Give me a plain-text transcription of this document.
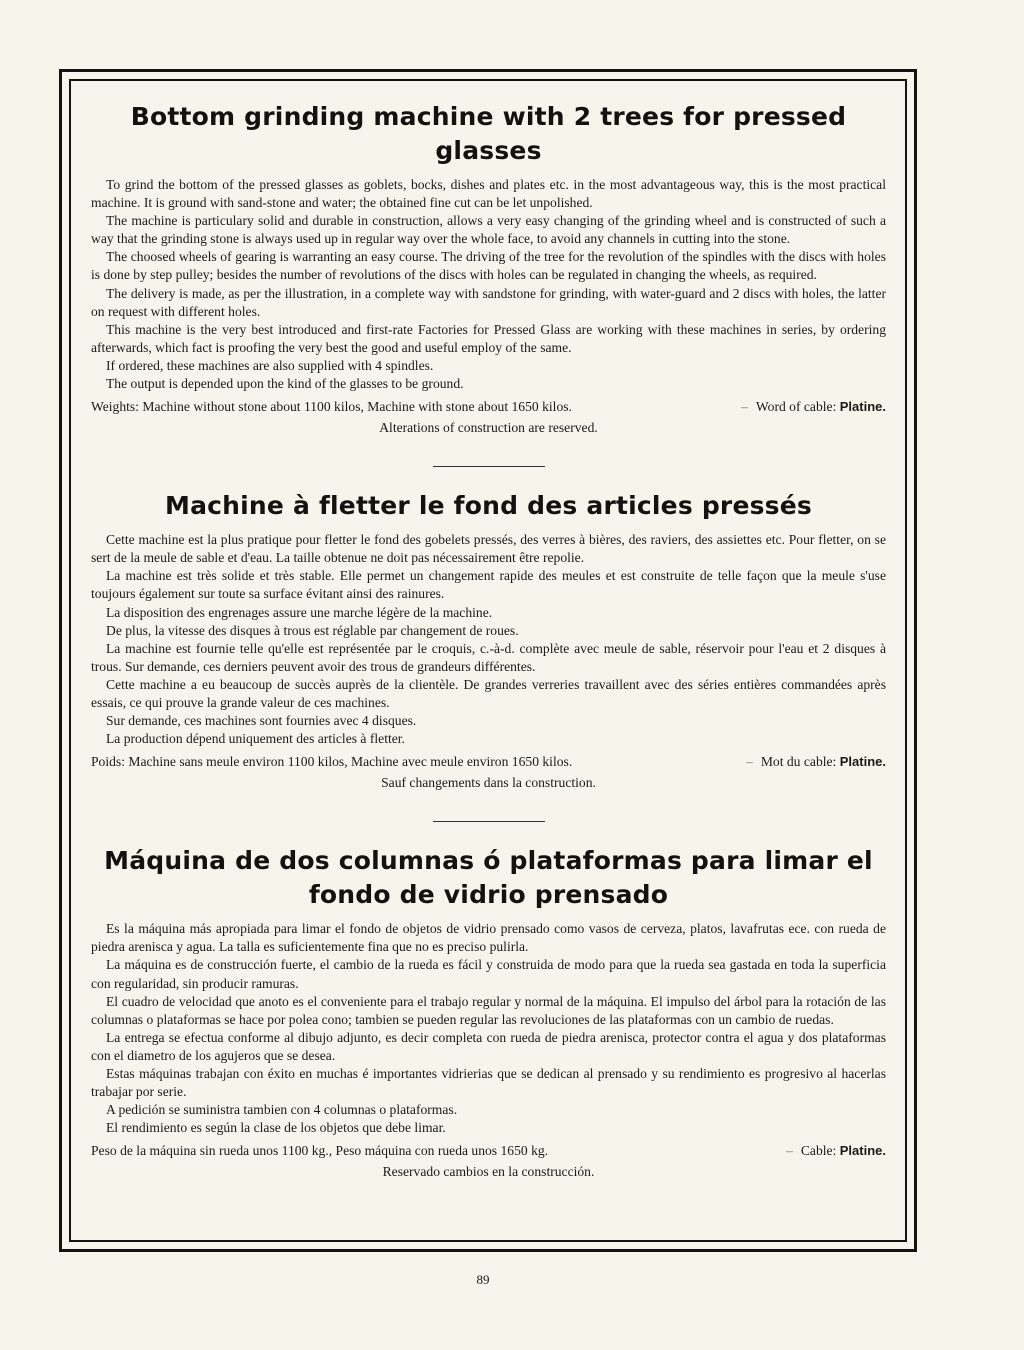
Bottom grinding machine with 2 trees for pressed glasses

To grind the bottom of the pressed glasses as goblets, bocks, dishes and plates etc. in the most advantageous way, this is the most practical machine. It is ground with sand-stone and water; the obtained fine cut can be let unpolished.

The machine is particulary solid and durable in construction, allows a very easy changing of the grinding wheel and is constructed of such a way that the grinding stone is always used up in regular way over the whole face, to avoid any channels in cutting into the stone.

The choosed wheels of gearing is warranting an easy course. The driving of the tree for the revolution of the spindles with the discs with holes is done by step pulley; besides the number of revolutions of the discs with holes can be regulated in changing the wheels, as required.

The delivery is made, as per the illustration, in a complete way with sandstone for grinding, with water-guard and 2 discs with holes, the latter on request with different holes.

This machine is the very best introduced and first-rate Factories for Pressed Glass are working with these machines in series, by ordering afterwards, which fact is proofing the very best the good and useful employ of the same.

If ordered, these machines are also supplied with 4 spindles.

The output is depended upon the kind of the glasses to be ground.

Weights: Machine without stone about 1100 kilos, Machine with stone about 1650 kilos.	– Word of cable: Platine.
Alterations of construction are reserved.
Machine à fletter le fond des articles pressés

Cette machine est la plus pratique pour fletter le fond des gobelets pressés, des verres à bières, des raviers, des assiettes etc. Pour fletter, on se sert de la meule de sable et d'eau. La taille obtenue ne doit pas nécessairement être repolie.

La machine est très solide et très stable. Elle permet un changement rapide des meules et est construite de telle façon que la meule s'use toujours également sur toute sa surface évitant ainsi des rainures.

La disposition des engrenages assure une marche légère de la machine.

De plus, la vitesse des disques à trous est réglable par changement de roues.

La machine est fournie telle qu'elle est représentée par le croquis, c.-à-d. complète avec meule de sable, réservoir pour l'eau et 2 disques à trous. Sur demande, ces derniers peuvent avoir des trous de grandeurs différentes.

Cette machine a eu beaucoup de succès auprès de la clientèle. De grandes verreries travaillent avec des séries entières commandées après essais, ce qui prouve la grande valeur de ces machines.

Sur demande, ces machines sont fournies avec 4 disques.

La production dépend uniquement des articles à fletter.

Poids: Machine sans meule environ 1100 kilos, Machine avec meule environ 1650 kilos.	– Mot du cable: Platine.
Sauf changements dans la construction.
Máquina de dos columnas ó plataformas para limar el fondo de vidrio prensado

Es la máquina más apropiada para limar el fondo de objetos de vidrio prensado como vasos de cerveza, platos, lavafrutas ece. con rueda de piedra arenisca y agua. La talla es suficientemente fina que no es preciso pulirla.

La máquina es de construcción fuerte, el cambio de la rueda es fácil y construida de modo para que la rueda sea gastada en toda la superficia con regularidad, sin producir ramuras.

El cuadro de velocidad que anoto es el conveniente para el trabajo regular y normal de la máquina. El impulso del árbol para la rotación de las columnas o plataformas se hace por polea cono; tambien se pueden regular las revoluciones de las plataformas con un cambio de ruedas.

La entrega se efectua conforme al dibujo adjunto, es decir completa con rueda de piedra arenisca, protector contra el agua y dos plataformas con el diametro de los agujeros que se desea.

Estas máquinas trabajan con éxito en muchas é importantes vidrierias que se dedican al prensado y su rendimiento es progresivo al hacerlas trabajar por serie.

A pedición se suministra tambien con 4 columnas o plataformas.

El rendimiento es según la clase de los objetos que debe limar.

Peso de la máquina sin rueda unos 1100 kg., Peso máquina con rueda unos 1650 kg.	– Cable: Platine.
Reservado cambios en la construcción.
89
